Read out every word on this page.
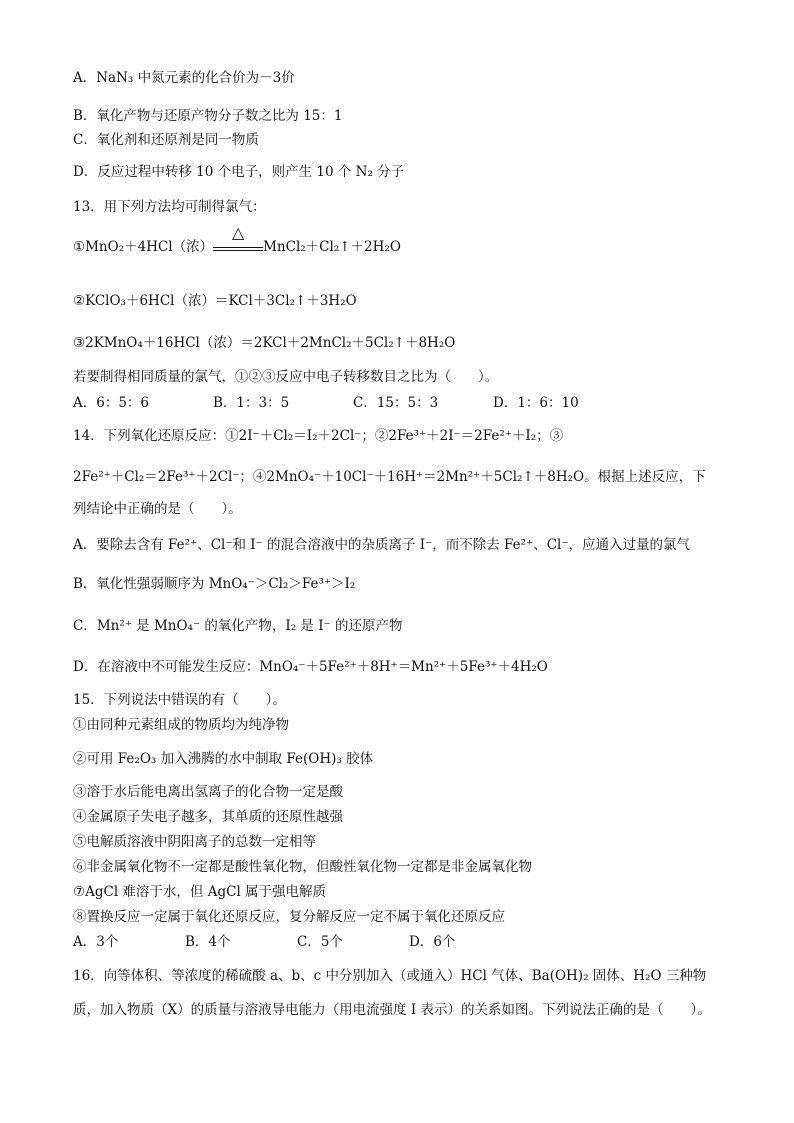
A．NaN₃ 中氮元素的化合价为－3价
B．氧化产物与还原产物分子数之比为 15：1
C．氧化剂和还原剂是同一物质
D．反应过程中转移 10 个电子，则产生 10 个 N₂ 分子
13．用下列方法均可制得氯气：
①MnO₂＋4HCl（浓）
△
MnCl₂＋Cl₂↑＋2H₂O
②KClO₃＋6HCl（浓）＝KCl＋3Cl₂↑＋3H₂O
③2KMnO₄＋16HCl（浓）＝2KCl＋2MnCl₂＋5Cl₂↑＋8H₂O
若要制得相同质量的氯气，①②③反应中电子转移数目之比为（　　）。
A．6：5：6	B．1：3：5	C．15：5：3	D．1：6：10
14．下列氧化还原反应：①2I⁻＋Cl₂＝I₂＋2Cl⁻；②2Fe³⁺＋2I⁻＝2Fe²⁺＋I₂；③
2Fe²⁺＋Cl₂＝2Fe³⁺＋2Cl⁻；④2MnO₄⁻＋10Cl⁻＋16H⁺＝2Mn²⁺＋5Cl₂↑＋8H₂O。根据上述反应，下
列结论中正确的是（　　）。
A．要除去含有 Fe²⁺、Cl⁻和 I⁻ 的混合溶液中的杂质离子 I⁻，而不除去 Fe²⁺、Cl⁻，应通入过量的氯气
B．氧化性强弱顺序为 MnO₄⁻＞Cl₂＞Fe³⁺＞I₂
C．Mn²⁺ 是 MnO₄⁻ 的氧化产物，I₂ 是 I⁻ 的还原产物
D．在溶液中不可能发生反应：MnO₄⁻＋5Fe²⁺＋8H⁺＝Mn²⁺＋5Fe³⁺＋4H₂O
15．下列说法中错误的有（　　）。
①由同种元素组成的物质均为纯净物
②可用 Fe₂O₃ 加入沸腾的水中制取 Fe(OH)₃ 胶体
③溶于水后能电离出氢离子的化合物一定是酸
④金属原子失电子越多，其单质的还原性越强
⑤电解质溶液中阴阳离子的总数一定相等
⑥非金属氧化物不一定都是酸性氧化物，但酸性氧化物一定都是非金属氧化物
⑦AgCl 难溶于水，但 AgCl 属于强电解质
⑧置换反应一定属于氧化还原反应，复分解反应一定不属于氧化还原反应
A．3个	B．4个	C．5个	D．6个
16．向等体积、等浓度的稀硫酸 a、b、c 中分别加入（或通入）HCl 气体、Ba(OH)₂ 固体、H₂O 三种物
质，加入物质（X）的质量与溶液导电能力（用电流强度 I 表示）的关系如图。下列说法正确的是（　　）。
